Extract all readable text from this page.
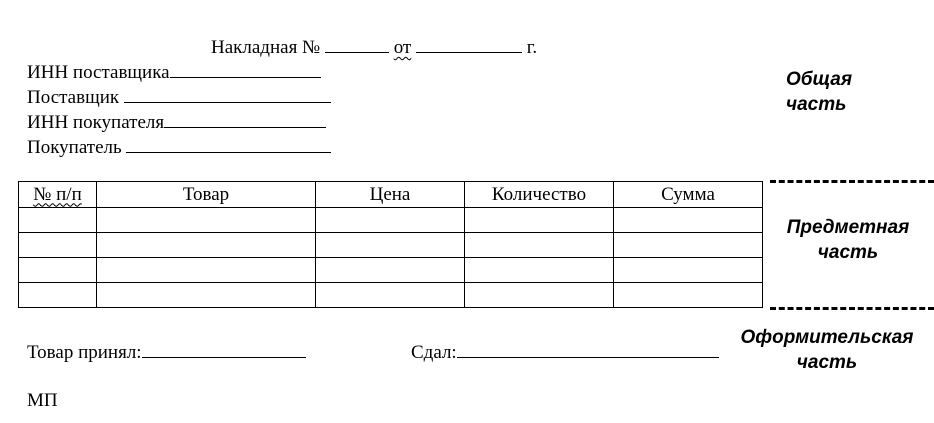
Накладная №	от	г.
ИНН поставщика
Поставщик
ИНН покупателя
Покупатель
№ п/п	Товар	Цена	Количество	Сумма

Товар принял:	Сдал:
МП
Общая
часть
Предметная
часть
Оформительская
часть
